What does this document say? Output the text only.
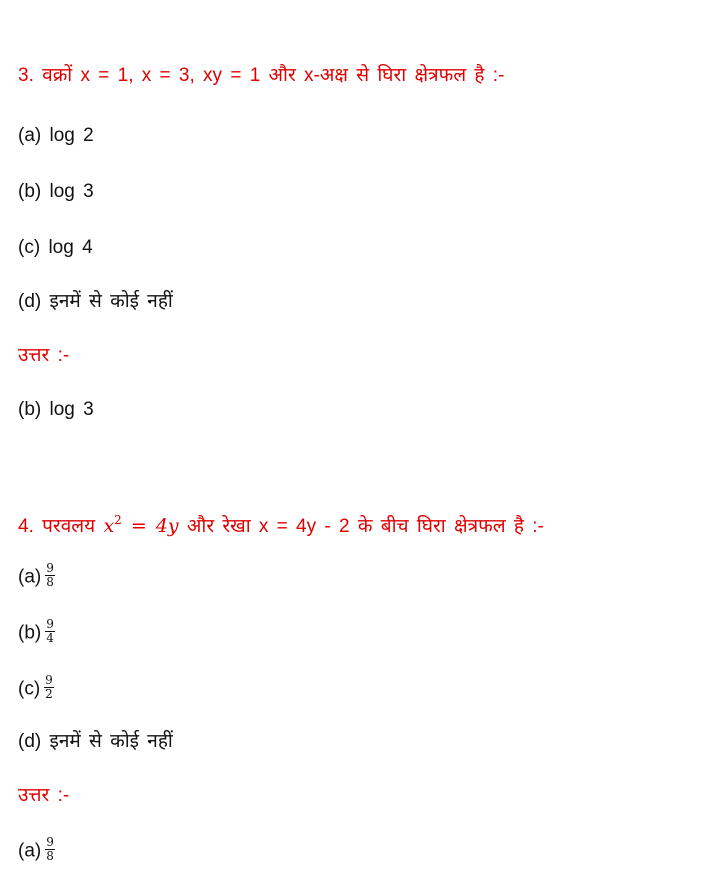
3. वक्रों x = 1, x = 3, xy = 1 और x-अक्ष से घिरा क्षेत्रफल है :-
(a) log 2
(b) log 3
(c) log 4
(d) इनमें से कोई नहीं
उत्तर :-
(b) log 3
4. परवलय $x^2 = 4y$ और रेखा x = 4y - 2 के बीच घिरा क्षेत्रफल है :-
$(a) \frac{9}{8}$
$(b) \frac{9}{4}$
$(c) \frac{9}{2}$
(d) इनमें से कोई नहीं
उत्तर :-
$(a) \frac{9}{8}$
